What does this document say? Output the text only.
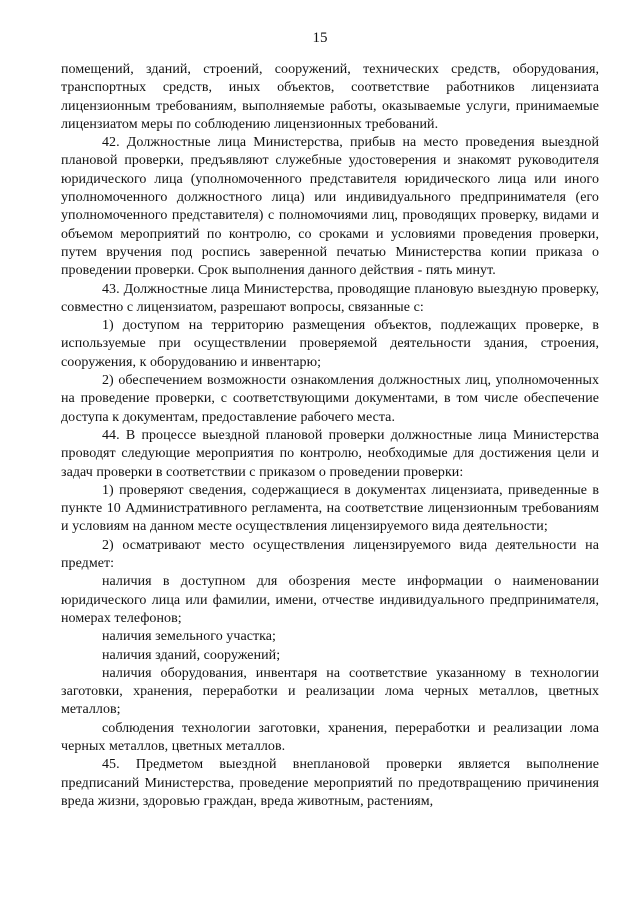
15

помещений, зданий, строений, сооружений, технических средств, оборудования, транспортных средств, иных объектов, соответствие работников лицензиата лицензионным требованиям, выполняемые работы, оказываемые услуги, принимаемые лицензиатом меры по соблюдению лицензионных требований.

42. Должностные лица Министерства, прибыв на место проведения выездной плановой проверки, предъявляют служебные удостоверения и знакомят руководителя юридического лица (уполномоченного представителя юридического лица или иного уполномоченного должностного лица) или индивидуального предпринимателя (его уполномоченного представителя) с полномочиями лиц, проводящих проверку, видами и объемом мероприятий по контролю, со сроками и условиями проведения проверки, путем вручения под роспись заверенной печатью Министерства копии приказа о проведении проверки. Срок выполнения данного действия - пять минут.

43. Должностные лица Министерства, проводящие плановую выездную проверку, совместно с лицензиатом, разрешают вопросы, связанные с:

1) доступом на территорию размещения объектов, подлежащих проверке, в используемые при осуществлении проверяемой деятельности здания, строения, сооружения, к оборудованию и инвентарю;

2) обеспечением возможности ознакомления должностных лиц, уполномоченных на проведение проверки, с соответствующими документами, в том числе обеспечение доступа к документам, предоставление рабочего места.

44. В процессе выездной плановой проверки должностные лица Министерства проводят следующие мероприятия по контролю, необходимые для достижения цели и задач проверки в соответствии с приказом о проведении проверки:

1) проверяют сведения, содержащиеся в документах лицензиата, приведенные в пункте 10 Административного регламента, на соответствие лицензионным требованиям и условиям на данном месте осуществления лицензируемого вида деятельности;

2) осматривают место осуществления лицензируемого вида деятельности на предмет:

наличия в доступном для обозрения месте информации о наименовании юридического лица или фамилии, имени, отчестве индивидуального предпринимателя, номерах телефонов;

наличия земельного участка;

наличия зданий, сооружений;

наличия оборудования, инвентаря на соответствие указанному в технологии заготовки, хранения, переработки и реализации лома черных металлов, цветных металлов;

соблюдения технологии заготовки, хранения, переработки и реализации лома черных металлов, цветных металлов.

45. Предметом выездной внеплановой проверки является выполнение предписаний Министерства, проведение мероприятий по предотвращению причинения вреда жизни, здоровью граждан, вреда животным, растениям,
